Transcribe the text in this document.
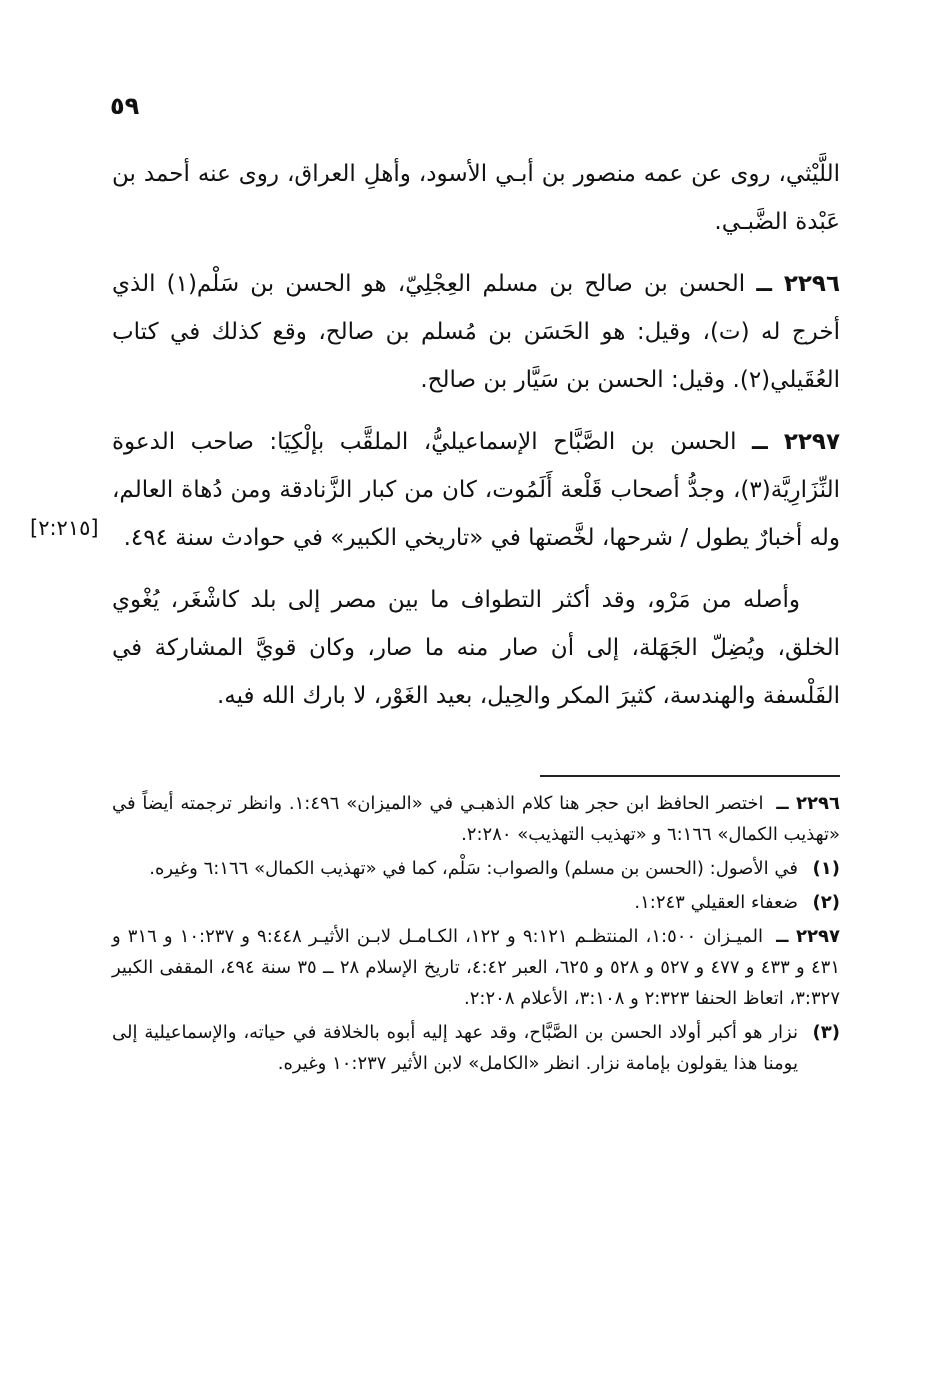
٥٩
[٢:٢١٥]

اللَّيْثي، روى عن عمه منصور بن أبـي الأسود، وأهلِ العراق، روى عنه أحمد بن عَبْدة الضَّبـي.

٢٢٩٦ ــ الحسن بن صالح بن مسلم العِجْلِيّ، هو الحسن بن سَلْم(١) الذي أخرج له (ت)، وقيل: هو الحَسَن بن مُسلم بن صالح، وقع كذلك في كتاب العُقَيلي(٢). وقيل: الحسن بن سَيَّار بن صالح.

٢٢٩٧ ــ الحسن بن الصَّبَّاح الإسماعيليُّ، الملقَّب بإلْكِيَا: صاحب الدعوة النِّزَارِيَّة(٣)، وجدُّ أصحاب قَلْعة أَلَمُوت، كان من كبار الزَّنادقة ومن دُهاة العالم، وله أخبارٌ يطول / شرحها، لخَّصتها في «تاريخي الكبير» في حوادث سنة ٤٩٤.

وأصله من مَرْو، وقد أكثر التطواف ما بين مصر إلى بلد كاشْغَر، يُغْوي الخلق، ويُضِلّ الجَهَلة، إلى أن صار منه ما صار، وكان قويَّ المشاركة في الفَلْسفة والهندسة، كثيرَ المكر والحِيل، بعيد الغَوْر، لا بارك الله فيه.

٢٢٩٦ ــ اختصر الحافظ ابن حجر هنا كلام الذهبـي في «الميزان» ١:٤٩٦. وانظر ترجمته أيضاً في «تهذيب الكمال» ٦:١٦٦ و «تهذيب التهذيب» ٢:٢٨٠.
(١)
في الأصول: (الحسن بن مسلم) والصواب: سَلْم، كما في «تهذيب الكمال» ٦:١٦٦ وغيره.
(٢)
ضعفاء العقيلي ١:٢٤٣.
٢٢٩٧ ــ الميـزان ١:٥٠٠، المنتظـم ٩:١٢١ و ١٢٢، الكـامـل لابـن الأثيـر ٩:٤٤٨ و ١٠:٢٣٧ و ٣١٦ و ٤٣١ و ٤٣٣ و ٤٧٧ و ٥٢٧ و ٥٢٨ و ٦٢٥، العبر ٤:٤٢، تاريخ الإسلام ٢٨ ــ ٣٥ سنة ٤٩٤، المقفى الكبير ٣:٣٢٧، اتعاظ الحنفا ٢:٣٢٣ و ٣:١٠٨، الأعلام ٢:٢٠٨.
(٣)
نزار هو أكبر أولاد الحسن بن الصَّبَّاح، وقد عهد إليه أبوه بالخلافة في حياته، والإسماعيلية إلى يومنا هذا يقولون بإمامة نزار. انظر «الكامل» لابن الأثير ١٠:٢٣٧ وغيره.
